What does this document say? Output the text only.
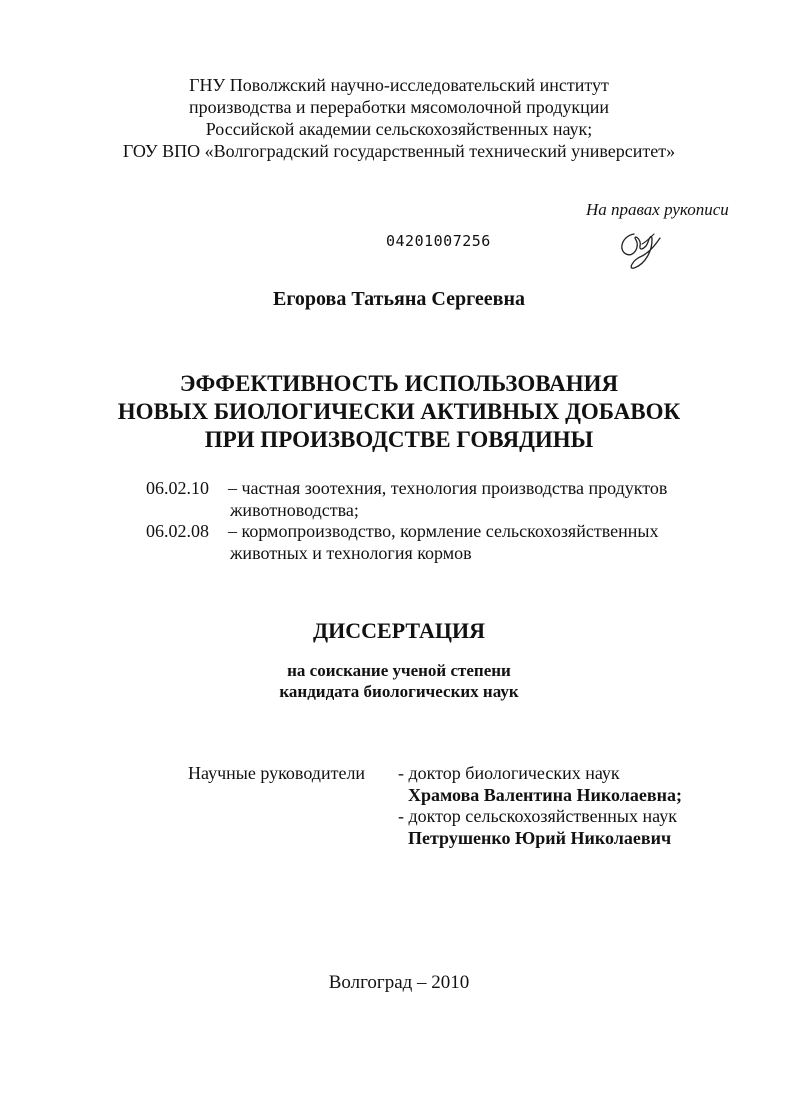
ГНУ Поволжский научно-исследовательский институт
производства и переработки мясомолочной продукции
Российской академии сельскохозяйственных наук;
ГОУ ВПО «Волгоградский государственный технический университет»
На правах рукописи
04201007256
Егорова Татьяна Сергеевна
ЭФФЕКТИВНОСТЬ ИСПОЛЬЗОВАНИЯ
НОВЫХ БИОЛОГИЧЕСКИ АКТИВНЫХ ДОБАВОК
ПРИ ПРОИЗВОДСТВЕ ГОВЯДИНЫ
06.02.10	– частная зоотехния, технология производства продуктов
животноводства;
06.02.08	– кормопроизводство, кормление сельскохозяйственных
животных и технология кормов
ДИССЕРТАЦИЯ
на соискание ученой степени
кандидата биологических наук
Научные руководители - доктор биологических наук
Храмова Валентина Николаевна;
- доктор сельскохозяйственных наук
Петрушенко Юрий Николаевич
Волгоград – 2010
